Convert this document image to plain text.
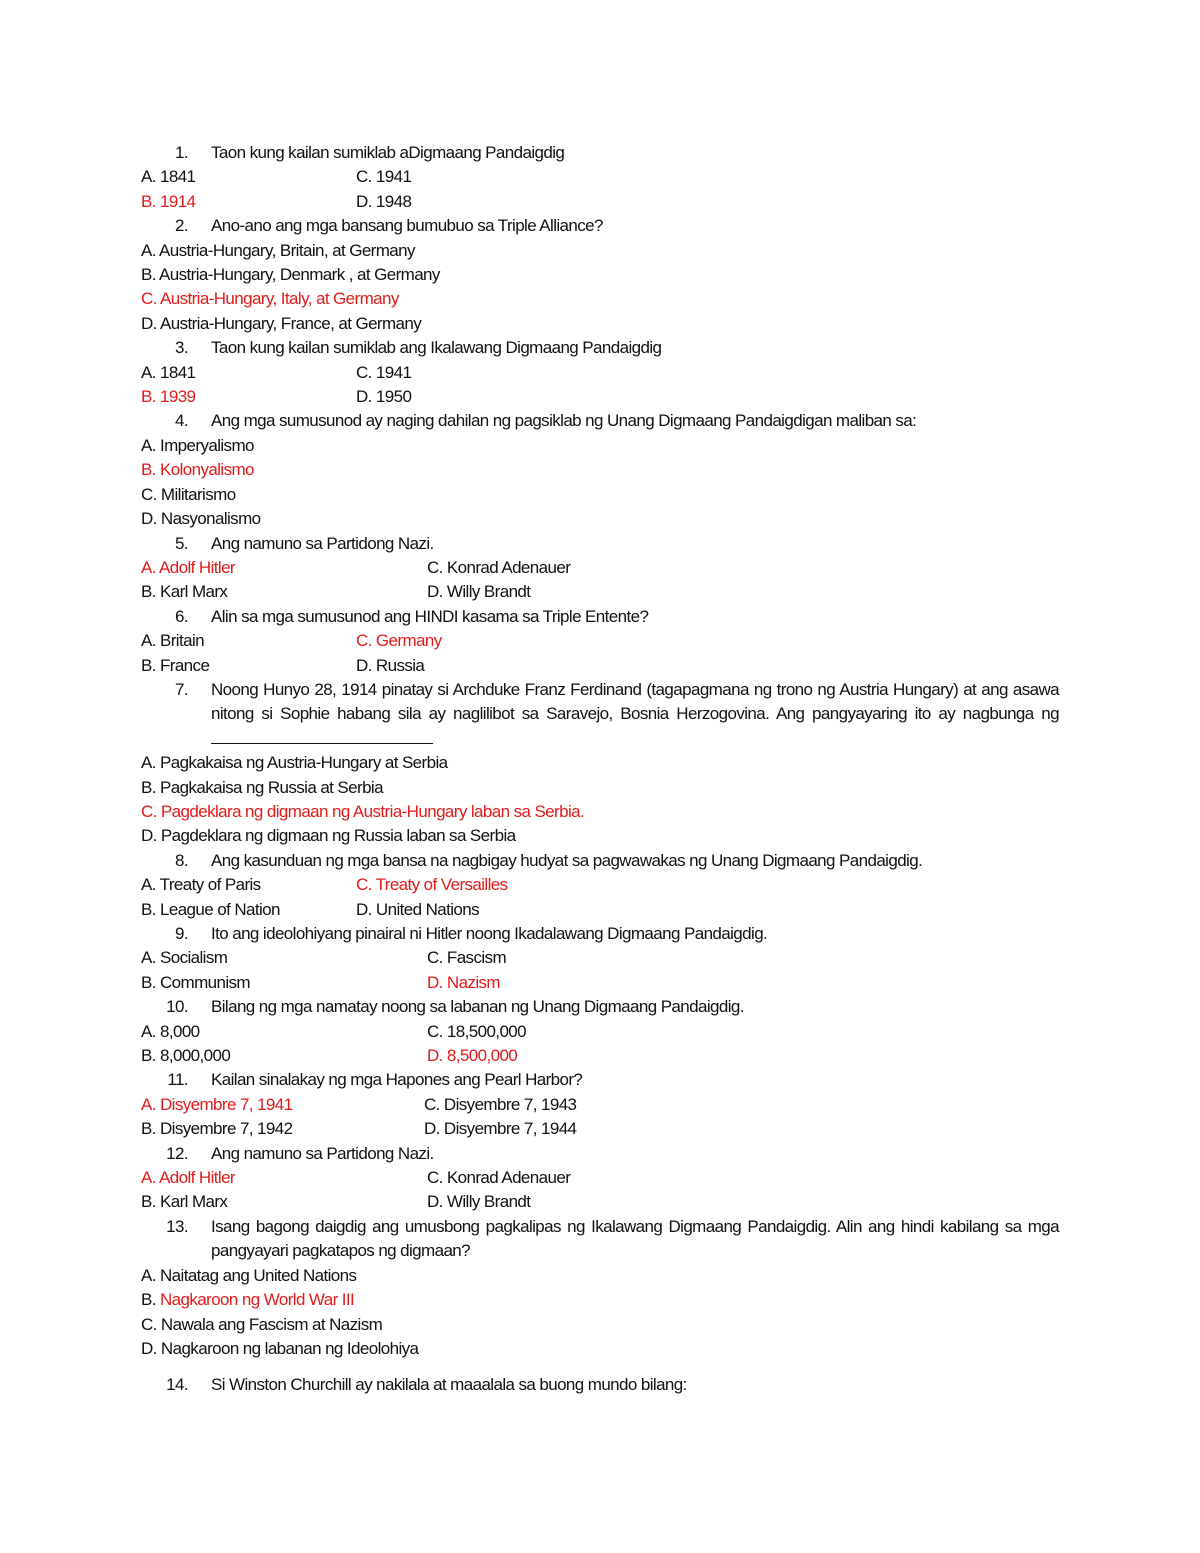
1. Taon kung kailan sumiklab aDigmaang Pandaigdig
A. 1841	C. 1941
B. 1914	D. 1948
2. Ano-ano ang mga bansang bumubuo sa Triple Alliance?
A. Austria-Hungary, Britain, at Germany
B. Austria-Hungary, Denmark , at Germany
C. Austria-Hungary, Italy, at Germany
D. Austria-Hungary, France, at Germany
3. Taon kung kailan sumiklab ang Ikalawang Digmaang Pandaigdig
A. 1841	C. 1941
B. 1939	D. 1950
4. Ang mga sumusunod ay naging dahilan ng pagsiklab ng Unang Digmaang Pandaigdigan maliban sa:
A. Imperyalismo
B. Kolonyalismo
C. Militarismo
D. Nasyonalismo
5. Ang namuno sa Partidong Nazi.
A. Adolf Hitler	C. Konrad Adenauer
B. Karl Marx	D. Willy Brandt
6. Alin sa mga sumusunod ang HINDI kasama sa Triple Entente?
A. Britain	C. Germany
B. France	D. Russia
7. Noong Hunyo 28, 1914 pinatay si Archduke Franz Ferdinand (tagapagmana ng trono ng Austria Hungary) at ang asawa nitong si Sophie habang sila ay naglilibot sa Saravejo, Bosnia Herzogovina. Ang pangyayaring ito ay nagbunga ng
A. Pagkakaisa ng Austria-Hungary at Serbia
B. Pagkakaisa ng Russia at Serbia
C. Pagdeklara ng digmaan ng Austria-Hungary laban sa Serbia.
D. Pagdeklara ng digmaan ng Russia laban sa Serbia
8. Ang kasunduan ng mga bansa na nagbigay hudyat sa pagwawakas ng Unang Digmaang Pandaigdig.
A. Treaty of Paris	C. Treaty of Versailles
B. League of Nation	D. United Nations
9. Ito ang ideolohiyang pinairal ni Hitler noong Ikadalawang Digmaang Pandaigdig.
A. Socialism	C. Fascism
B. Communism	D. Nazism
10. Bilang ng mga namatay noong sa labanan ng Unang Digmaang Pandaigdig.
A. 8,000	C. 18,500,000
B. 8,000,000	D. 8,500,000
11. Kailan sinalakay ng mga Hapones ang Pearl Harbor?
A. Disyembre 7, 1941	C. Disyembre 7, 1943
B. Disyembre 7, 1942	D. Disyembre 7, 1944
12. Ang namuno sa Partidong Nazi.
A. Adolf Hitler	C. Konrad Adenauer
B. Karl Marx	D. Willy Brandt
13. Isang bagong daigdig ang umusbong pagkalipas ng Ikalawang Digmaang Pandaigdig. Alin ang hindi kabilang sa mga pangyayari pagkatapos ng digmaan?
A. Naitatag ang United Nations
B. Nagkaroon ng World War III
C. Nawala ang Fascism at Nazism
D. Nagkaroon ng labanan ng Ideolohiya
14. Si Winston Churchill ay nakilala at maaalala sa buong mundo bilang:
